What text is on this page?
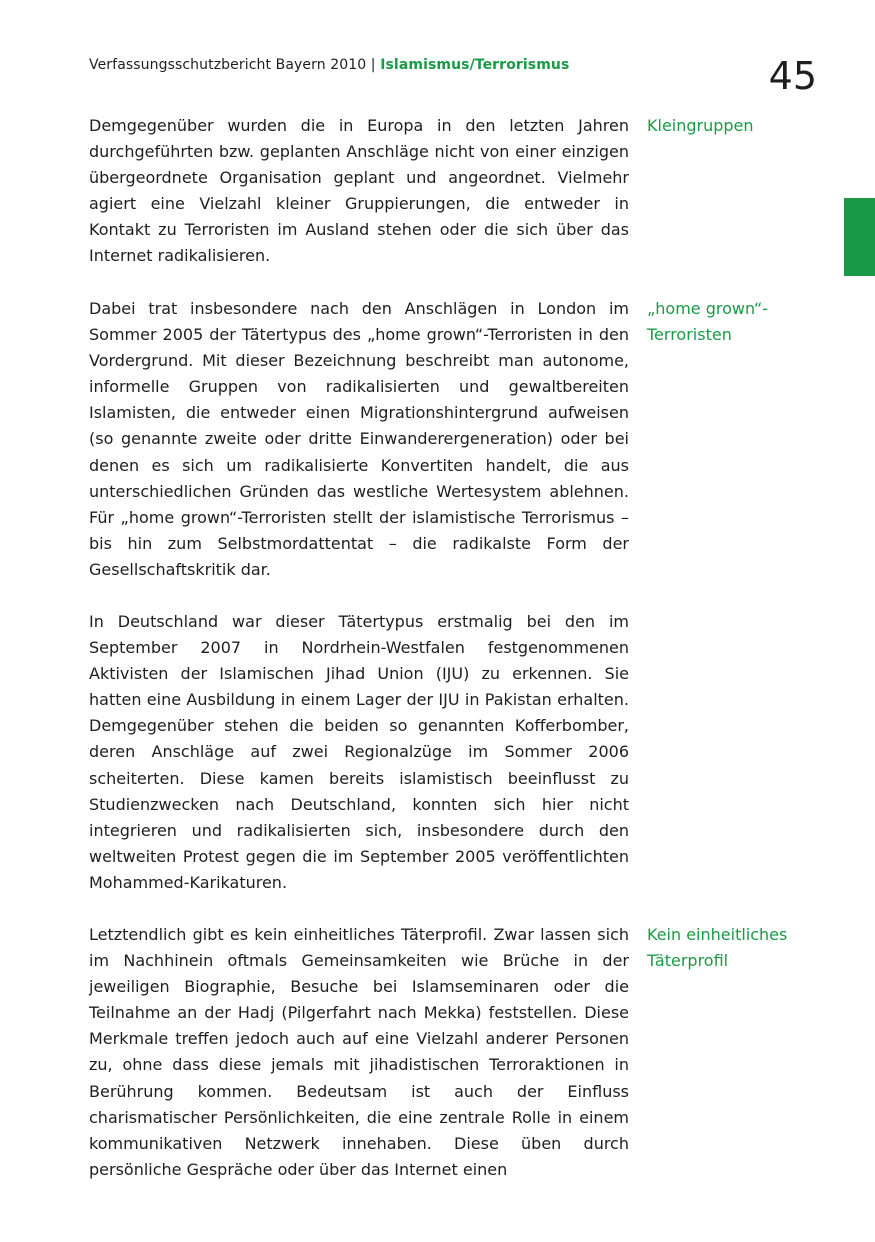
Verfassungsschutzbericht Bayern 2010 | Islamismus/Terrorismus	45

Demgegenüber wurden die in Europa in den letzten Jahren durchgeführten bzw. geplanten Anschläge nicht von einer einzigen übergeordnete Organisation geplant und angeordnet. Vielmehr agiert eine Vielzahl kleiner Gruppierungen, die entweder in Kontakt zu Terroristen im Ausland stehen oder die sich über das Internet radikalisieren.

Kleingruppen

Dabei trat insbesondere nach den Anschlägen in London im Sommer 2005 der Tätertypus des „home grown“-Terroristen in den Vordergrund. Mit dieser Bezeichnung beschreibt man autonome, informelle Gruppen von radikalisierten und gewaltbereiten Islamisten, die entweder einen Migrationshintergrund aufweisen (so genannte zweite oder dritte Einwanderergeneration) oder bei denen es sich um radikalisierte Konvertiten handelt, die aus unterschiedlichen Gründen das westliche Wertesystem ablehnen. Für „home grown“-Terroristen stellt der islamistische Terrorismus – bis hin zum Selbstmordattentat – die radikalste Form der Gesellschaftskritik dar.

„home grown“-Terroristen

In Deutschland war dieser Tätertypus erstmalig bei den im September 2007 in Nordrhein-Westfalen festgenommenen Aktivisten der Islamischen Jihad Union (IJU) zu erkennen. Sie hatten eine Ausbildung in einem Lager der IJU in Pakistan erhalten. Demgegenüber stehen die beiden so genannten Kofferbomber, deren Anschläge auf zwei Regionalzüge im Sommer 2006 scheiterten. Diese kamen bereits islamistisch beeinflusst zu Studienzwecken nach Deutschland, konnten sich hier nicht integrieren und radikalisierten sich, insbesondere durch den weltweiten Protest gegen die im September 2005 veröffentlichten Mohammed-Karikaturen.

Letztendlich gibt es kein einheitliches Täterprofil. Zwar lassen sich im Nachhinein oftmals Gemeinsamkeiten wie Brüche in der jeweiligen Biographie, Besuche bei Islamseminaren oder die Teilnahme an der Hadj (Pilgerfahrt nach Mekka) feststellen. Diese Merkmale treffen jedoch auch auf eine Vielzahl anderer Personen zu, ohne dass diese jemals mit jihadistischen Terroraktionen in Berührung kommen. Bedeutsam ist auch der Einfluss charismatischer Persönlichkeiten, die eine zentrale Rolle in einem kommunikativen Netzwerk innehaben. Diese üben durch persönliche Gespräche oder über das Internet einen

Kein einheitliches Täterprofil
